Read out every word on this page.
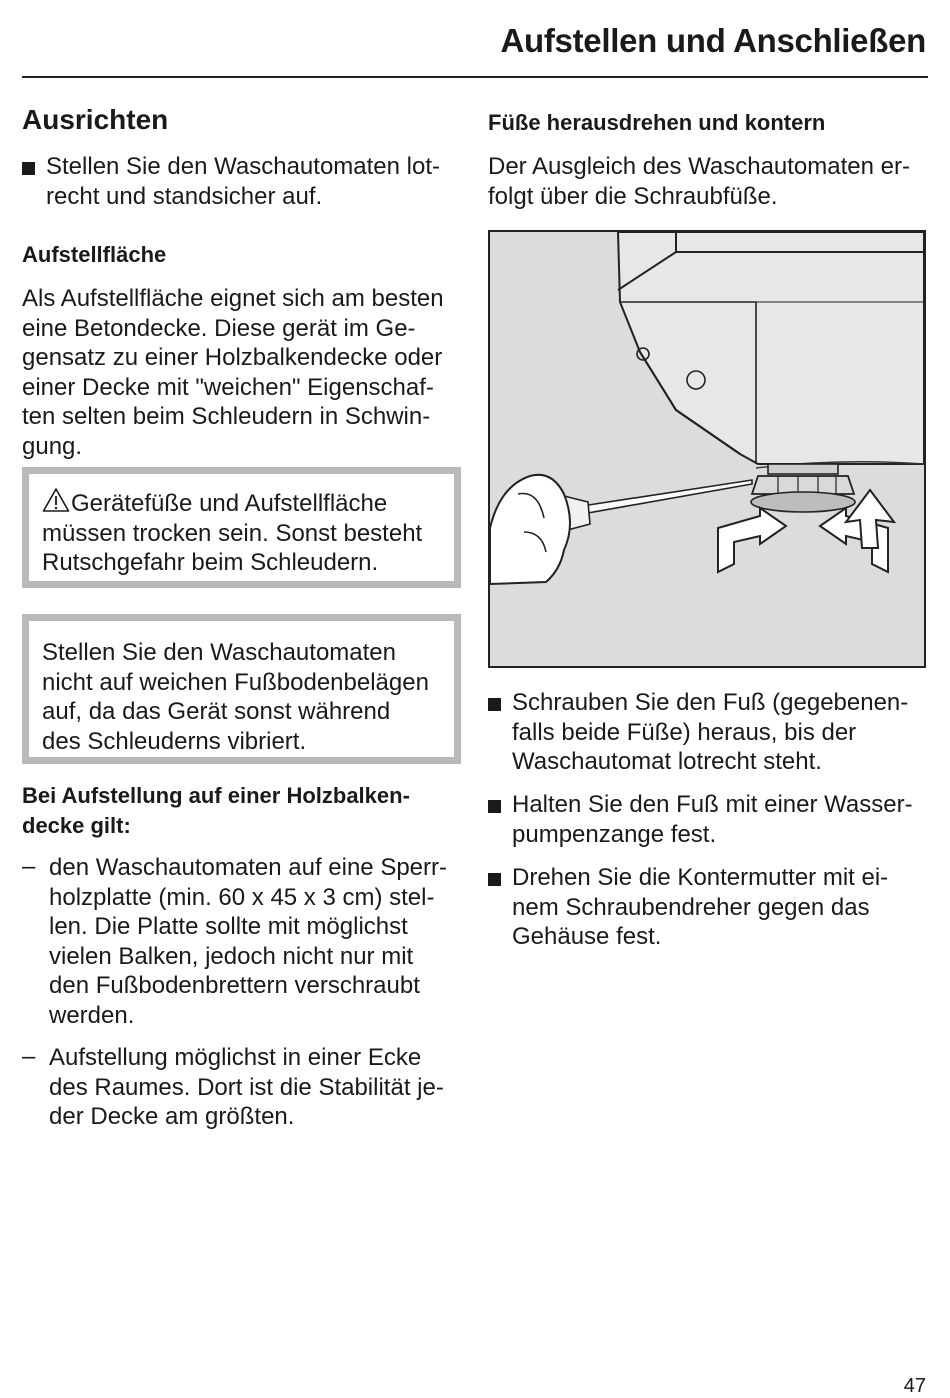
Aufstellen und Anschließen
Ausrichten
Stellen Sie den Waschautomaten lot-
recht und standsicher auf.
Aufstellfläche
Als Aufstellfläche eignet sich am besten
eine Betondecke. Diese gerät im Ge-
gensatz zu einer Holzbalkendecke oder
einer Decke mit "weichen" Eigenschaf-
ten selten beim Schleudern in Schwin-
gung.
Gerätefüße und Aufstellfläche
müssen trocken sein. Sonst besteht
Rutschgefahr beim Schleudern.
Stellen Sie den Waschautomaten
nicht auf weichen Fußbodenbelägen
auf, da das Gerät sonst während
des Schleuderns vibriert.
Bei Aufstellung auf einer Holzbalken-
decke gilt:
– den Waschautomaten auf eine Sperr-
holzplatte (min. 60 x 45 x 3 cm) stel-
len. Die Platte sollte mit möglichst
vielen Balken, jedoch nicht nur mit
den Fußbodenbrettern verschraubt
werden.
– Aufstellung möglichst in einer Ecke
des Raumes. Dort ist die Stabilität je-
der Decke am größten.
Füße herausdrehen und kontern
Der Ausgleich des Waschautomaten er-
folgt über die Schraubfüße.
Schrauben Sie den Fuß (gegebenen-
falls beide Füße) heraus, bis der
Waschautomat lotrecht steht.
Halten Sie den Fuß mit einer Wasser-
pumpenzange fest.
Drehen Sie die Kontermutter mit ei-
nem Schraubendreher gegen das
Gehäuse fest.
47
